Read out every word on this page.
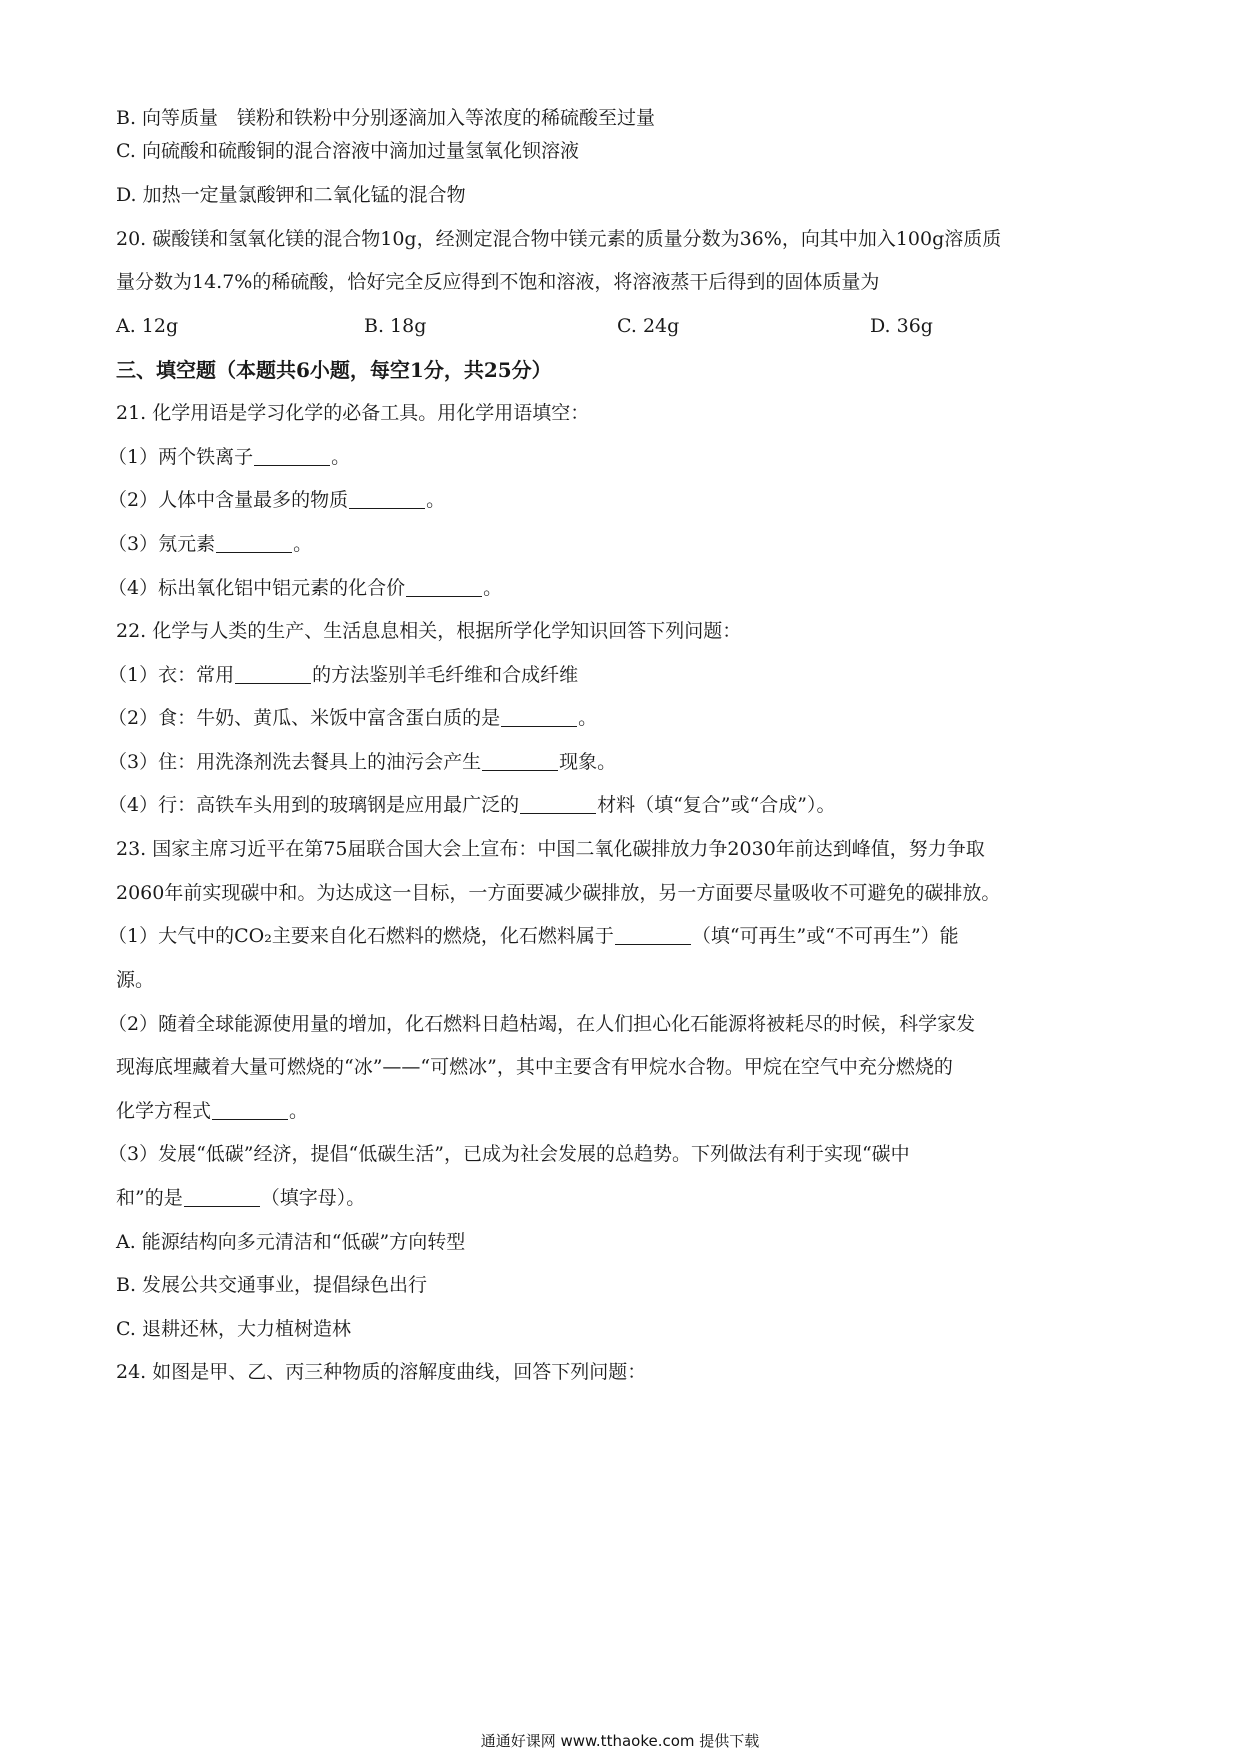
B. 向等质量　镁粉和铁粉中分别逐滴加入等浓度的稀硫酸至过量
C. 向硫酸和硫酸铜的混合溶液中滴加过量氢氧化钡溶液
D. 加热一定量氯酸钾和二氧化锰的混合物
20. 碳酸镁和氢氧化镁的混合物10g，经测定混合物中镁元素的质量分数为36%，向其中加入100g溶质质
量分数为14.7%的稀硫酸，恰好完全反应得到不饱和溶液，将溶液蒸干后得到的固体质量为
A. 12g	B. 18g	C. 24g	D. 36g
三、填空题（本题共6小题，每空1分，共25分）
21. 化学用语是学习化学的必备工具。用化学用语填空：
（1）两个铁离子	。
（2）人体中含量最多的物质	。
（3）氖元素	。
（4）标出氧化铝中铝元素的化合价	。
22. 化学与人类的生产、生活息息相关，根据所学化学知识回答下列问题：
（1）衣：常用	的方法鉴别羊毛纤维和合成纤维
（2）食：牛奶、黄瓜、米饭中富含蛋白质的是	。
（3）住：用洗涤剂洗去餐具上的油污会产生	现象。
（4）行：高铁车头用到的玻璃钢是应用最广泛的	材料（填“复合”或“合成”）。
23. 国家主席习近平在第75届联合国大会上宣布：中国二氧化碳排放力争2030年前达到峰值，努力争取
2060年前实现碳中和。为达成这一目标，一方面要减少碳排放，另一方面要尽量吸收不可避免的碳排放。
（1）大气中的CO₂主要来自化石燃料的燃烧，化石燃料属于	（填“可再生”或“不可再生”）能
源。
（2）随着全球能源使用量的增加，化石燃料日趋枯竭，在人们担心化石能源将被耗尽的时候，科学家发
现海底埋藏着大量可燃烧的“冰”——“可燃冰”，其中主要含有甲烷水合物。甲烷在空气中充分燃烧的
化学方程式	。
（3）发展“低碳”经济，提倡“低碳生活”，已成为社会发展的总趋势。下列做法有利于实现“碳中
和”的是	（填字母）。
A. 能源结构向多元清洁和“低碳”方向转型
B. 发展公共交通事业，提倡绿色出行
C. 退耕还林，大力植树造林
24. 如图是甲、乙、丙三种物质的溶解度曲线，回答下列问题：
通通好课网 www.tthaoke.com 提供下载
